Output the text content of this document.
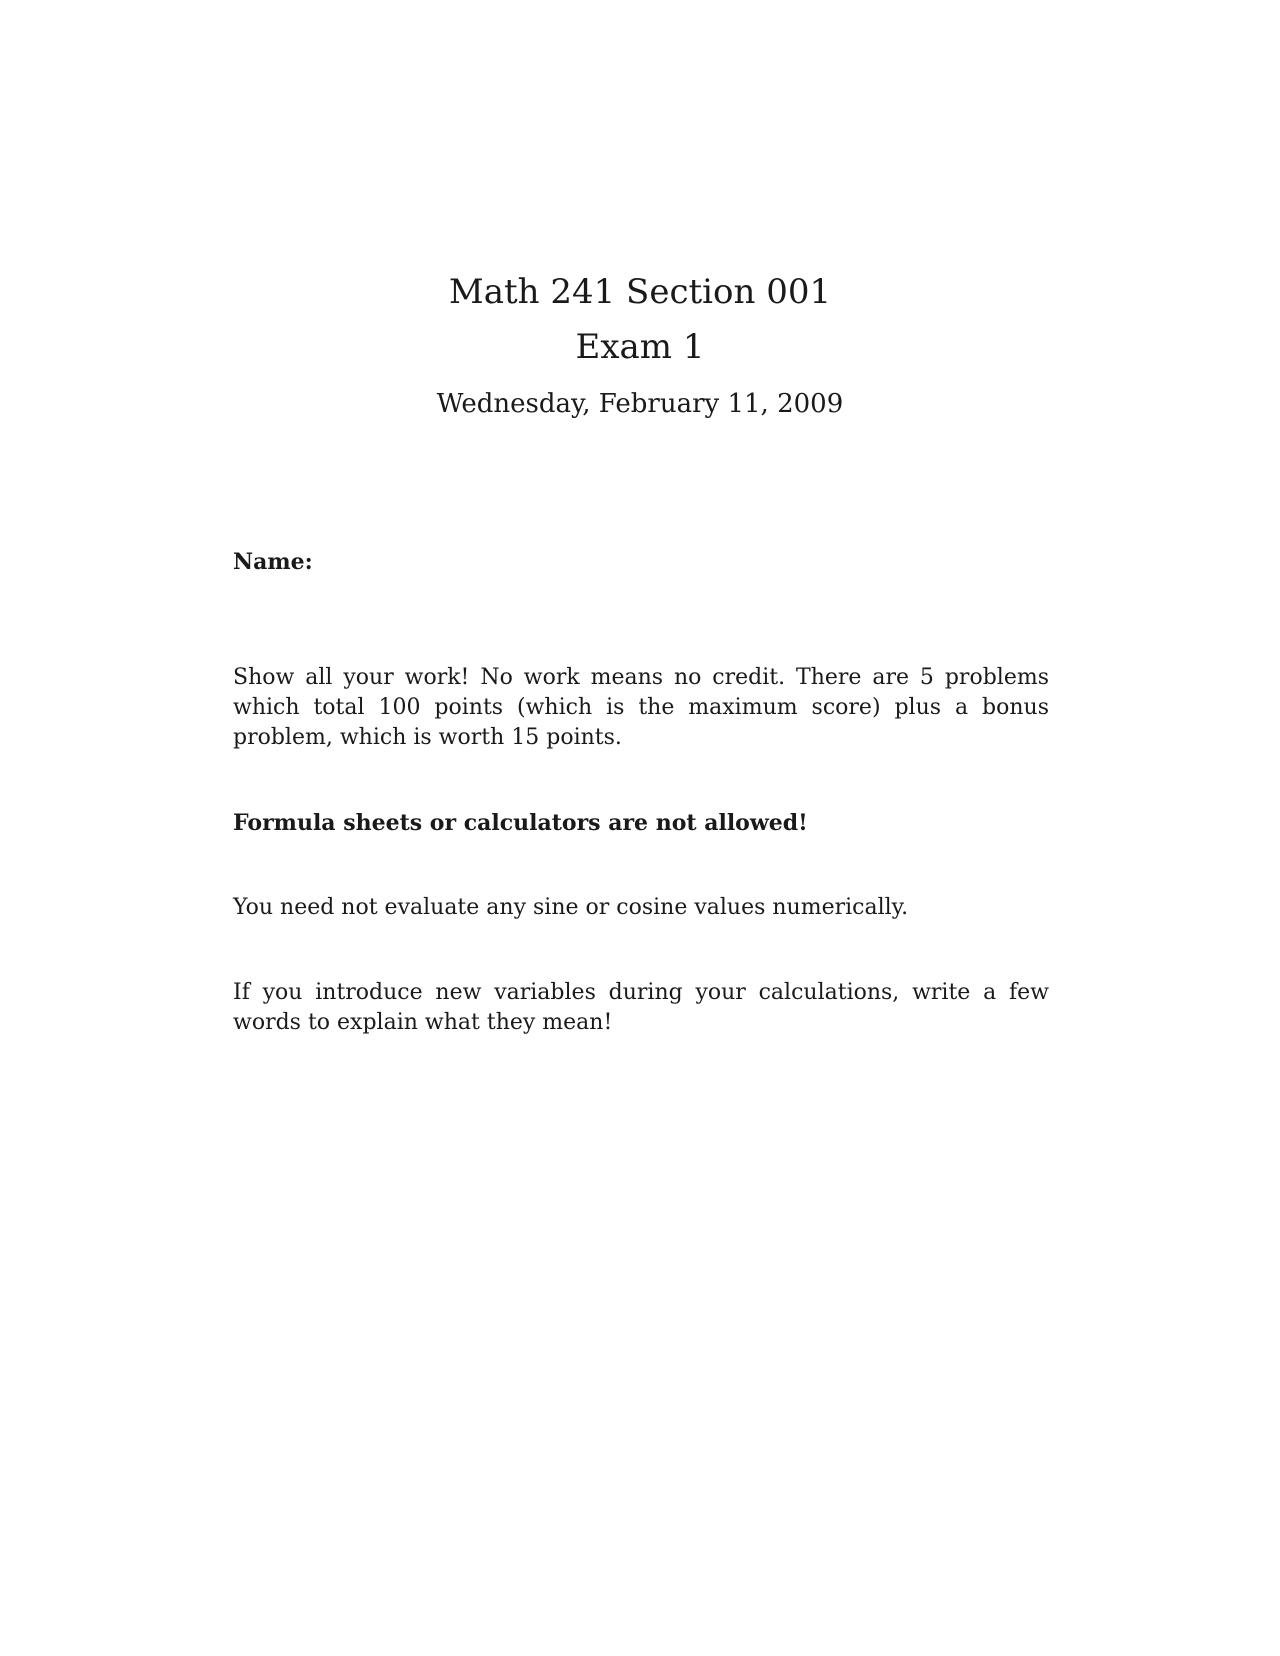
Math 241 Section 001
Exam 1
Wednesday, February 11, 2009
Name:
Show all your work! No work means no credit. There are 5 problems which total 100 points (which is the maximum score) plus a bonus problem, which is worth 15 points.
Formula sheets or calculators are not allowed!
You need not evaluate any sine or cosine values numerically.
If you introduce new variables during your calculations, write a few words to explain what they mean!
